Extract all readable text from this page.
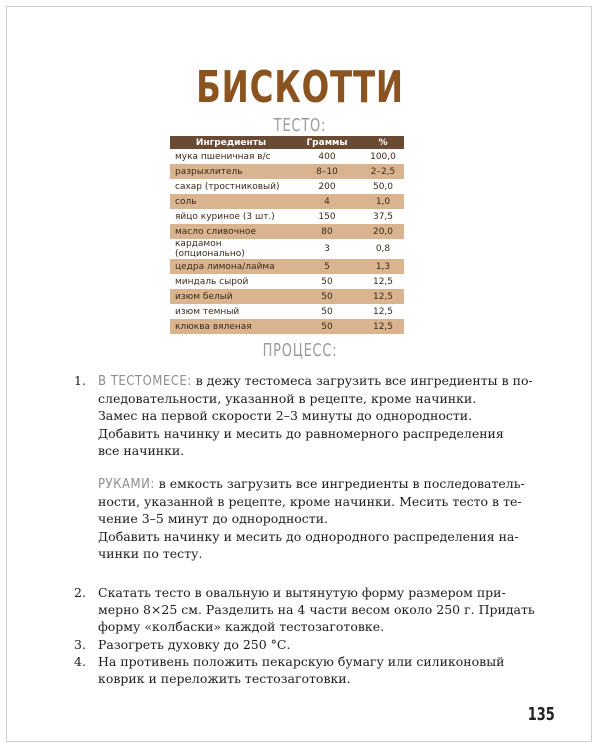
БИСКОТТИ
ТЕСТО:
Ингредиенты	Граммы	%
мука пшеничная в/с	400	100,0
разрыхлитель	8–10	2–2,5
сахар (тростниковый)	200	50,0
соль	4	1,0
яйцо куриное (3 шт.)	150	37,5
масло сливочное	80	20,0
кардамон (опционально)	3	0,8
цедра лимона/лайма	5	1,3
миндаль сырой	50	12,5
изюм белый	50	12,5
изюм темный	50	12,5
клюква вяленая	50	12,5
ПРОЦЕСС:
1. В ТЕСТОМЕСЕ: в дежу тестомеса загрузить все ингредиенты в по-

следовательности, указанной в рецепте, кроме начинки.

Замес на первой скорости 2–3 минуты до однородности.

Добавить начинку и месить до равномерного распределения

все начинки.

РУКАМИ: в емкость загрузить все ингредиенты в последователь-

ности, указанной в рецепте, кроме начинки. Месить тесто в те-

чение 3–5 минут до однородности.

Добавить начинку и месить до однородного распределения на-

чинки по тесту.

2. Скатать тесто в овальную и вытянутую форму размером при-

мерно 8×25 см. Разделить на 4 части весом около 250 г. Придать

форму «колбаски» каждой тестозаготовке.

3. Разогреть духовку до 250 °С.

4. На противень положить пекарскую бумагу или силиконовый

коврик и переложить тестозаготовки.

135
